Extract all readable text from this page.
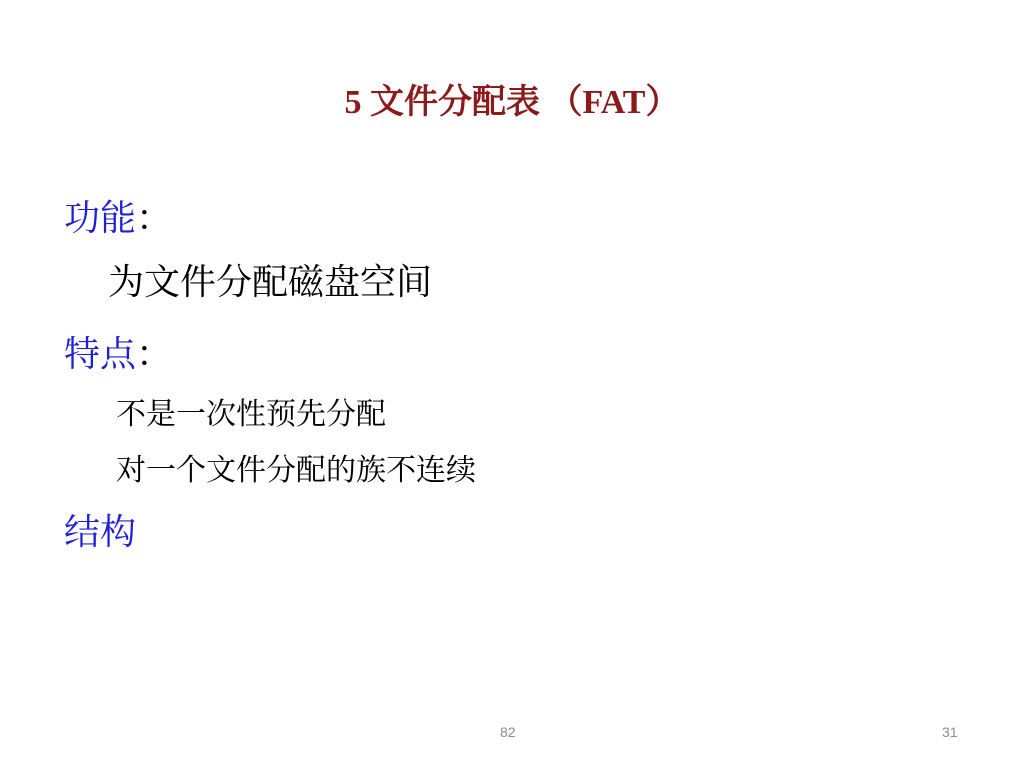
5 文件分配表 （FAT）
功能：
为文件分配磁盘空间
特点：
不是一次性预先分配
对一个文件分配的族不连续
结构
82	31
